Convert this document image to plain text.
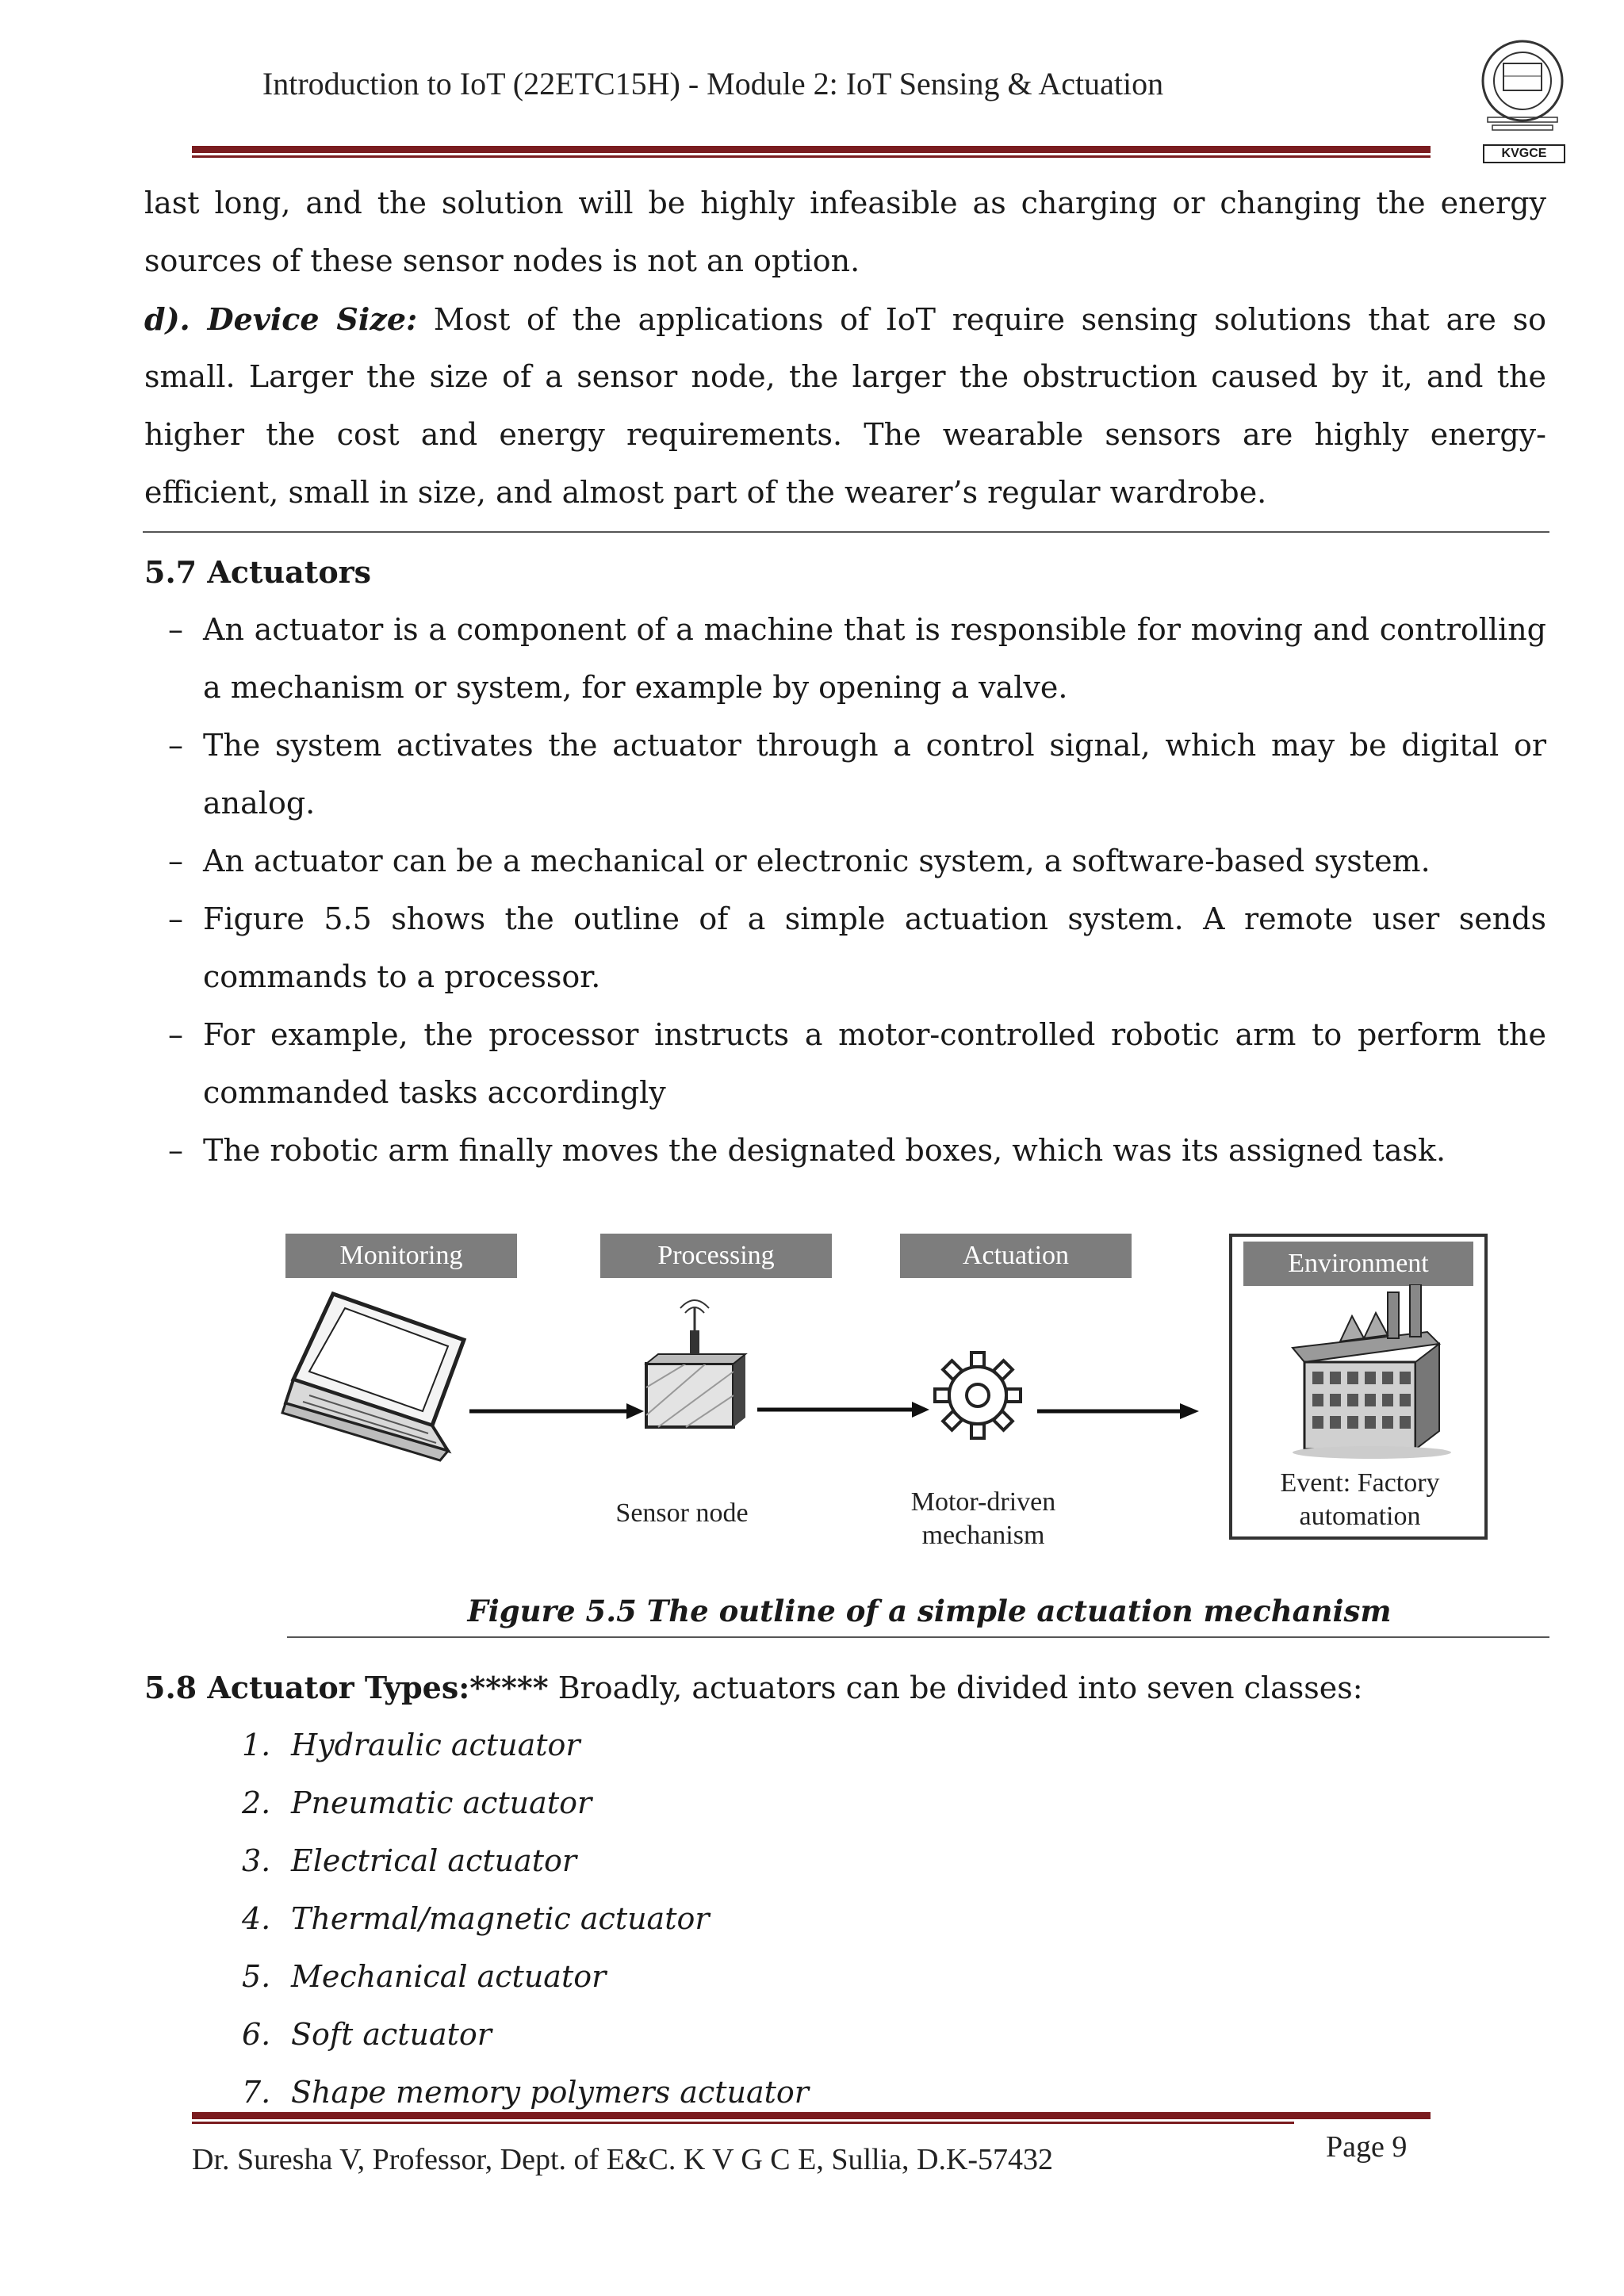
Introduction to IoT (22ETC15H) - Module 2: IoT Sensing & Actuation
KVGCE
last long, and the solution will be highly infeasible as charging or changing the energy
sources of these sensor nodes is not an option.
d). Device Size: Most of the applications of IoT require sensing solutions that are so
small. Larger the size of a sensor node, the larger the obstruction caused by it, and the
higher the cost and energy requirements. The wearable sensors are highly energy-
efficient, small in size, and almost part of the wearer’s regular wardrobe.
5.7 Actuators
– An actuator is a component of a machine that is responsible for moving and controlling a mechanism or system, for example by opening a valve.
– The system activates the actuator through a control signal, which may be digital or analog.
– An actuator can be a mechanical or electronic system, a software-based system.
– Figure 5.5 shows the outline of a simple actuation system. A remote user sends commands to a processor.
– For example, the processor instructs a motor-controlled robotic arm to perform the commanded tasks accordingly
– The robotic arm finally moves the designated boxes, which was its assigned task.
Monitoring	Processing	Actuation	Environment
Sensor node	Motor-driven
mechanism
Event: Factory
automation
Figure 5.5 The outline of a simple actuation mechanism
5.8 Actuator Types:***** Broadly, actuators can be divided into seven classes:
1. Hydraulic actuator
2. Pneumatic actuator
3. Electrical actuator
4. Thermal/magnetic actuator
5. Mechanical actuator
6. Soft actuator
7. Shape memory polymers actuator
Dr. Suresha V, Professor, Dept. of E&C. K V G C E, Sullia, D.K-57432	Page 9
